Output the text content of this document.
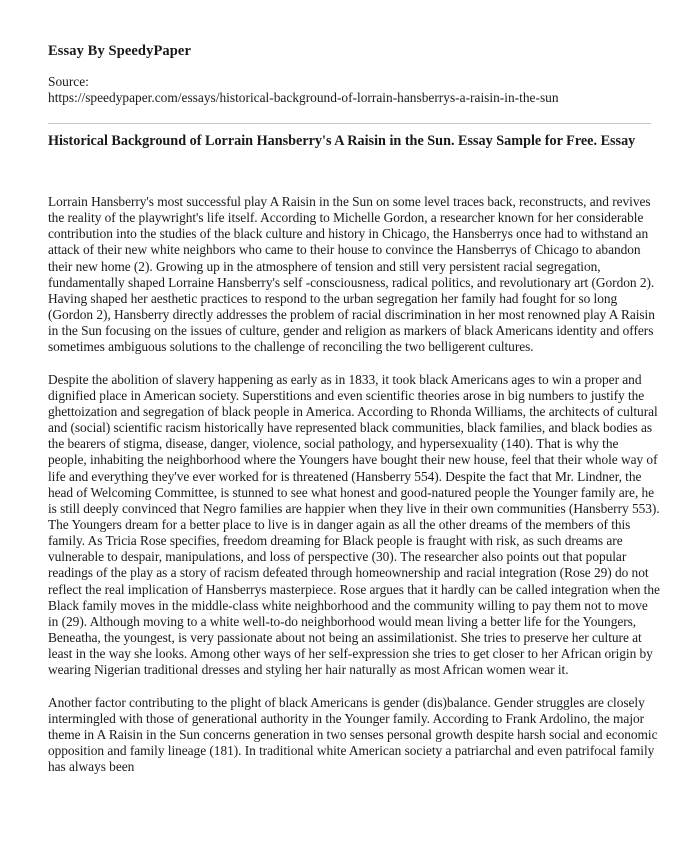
Essay By SpeedyPaper
Source:
https://speedypaper.com/essays/historical-background-of-lorrain-hansberrys-a-raisin-in-the-sun
Historical Background of Lorrain Hansberry's A Raisin in the Sun. Essay Sample for Free. Essay

Lorrain Hansberry's most successful play A Raisin in the Sun on some level traces back, reconstructs, and revives the reality of the playwright's life itself. According to Michelle Gordon, a researcher known for her considerable contribution into the studies of the black culture and history in Chicago, the Hansberrys once had to withstand an attack of their new white neighbors who came to their house to convince the Hansberrys of Chicago to abandon their new home (2). Growing up in the atmosphere of tension and still very persistent racial segregation, fundamentally shaped Lorraine Hansberry's self -consciousness, radical politics, and revolutionary art (Gordon 2). Having shaped her aesthetic practices to respond to the urban segregation her family had fought for so long (Gordon 2), Hansberry directly addresses the problem of racial discrimination in her most renowned play A Raisin in the Sun focusing on the issues of culture, gender and religion as markers of black Americans identity and offers sometimes ambiguous solutions to the challenge of reconciling the two belligerent cultures.

Despite the abolition of slavery happening as early as in 1833, it took black Americans ages to win a proper and dignified place in American society. Superstitions and even scientific theories arose in big numbers to justify the ghettoization and segregation of black people in America. According to Rhonda Williams, the architects of cultural and (social) scientific racism historically have represented black communities, black families, and black bodies as the bearers of stigma, disease, danger, violence, social pathology, and hypersexuality (140). That is why the people, inhabiting the neighborhood where the Youngers have bought their new house, feel that their whole way of life and everything they've ever worked for is threatened (Hansberry 554). Despite the fact that Mr. Lindner, the head of Welcoming Committee, is stunned to see what honest and good-natured people the Younger family are, he is still deeply convinced that Negro families are happier when they live in their own communities (Hansberry 553). The Youngers dream for a better place to live is in danger again as all the other dreams of the members of this family. As Tricia Rose specifies, freedom dreaming for Black people is fraught with risk, as such dreams are vulnerable to despair, manipulations, and loss of perspective (30). The researcher also points out that popular readings of the play as a story of racism defeated through homeownership and racial integration (Rose 29) do not reflect the real implication of Hansberrys masterpiece. Rose argues that it hardly can be called integration when the Black family moves in the middle-class white neighborhood and the community willing to pay them not to move in (29). Although moving to a white well-to-do neighborhood would mean living a better life for the Youngers, Beneatha, the youngest, is very passionate about not being an assimilationist. She tries to preserve her culture at least in the way she looks. Among other ways of her self-expression she tries to get closer to her African origin by wearing Nigerian traditional dresses and styling her hair naturally as most African women wear it.

Another factor contributing to the plight of black Americans is gender (dis)balance. Gender struggles are closely intermingled with those of generational authority in the Younger family. According to Frank Ardolino, the major theme in A Raisin in the Sun concerns generation in two senses personal growth despite harsh social and economic opposition and family lineage (181). In traditional white American society a patriarchal and even patrifocal family has always been
